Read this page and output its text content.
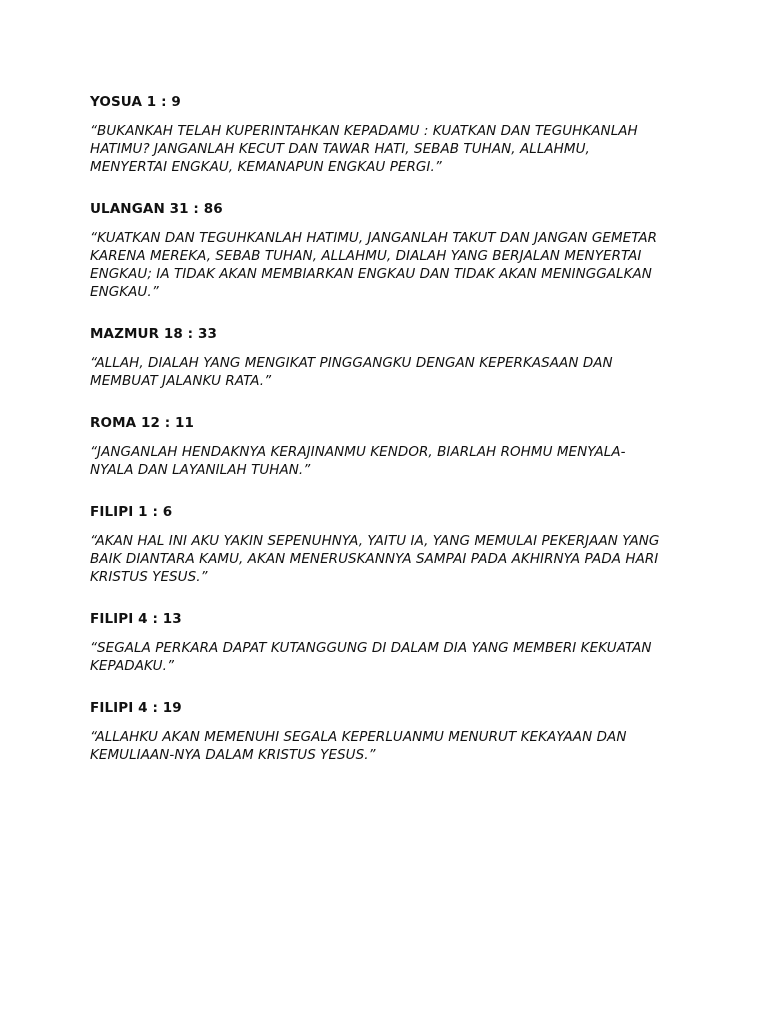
YOSUA 1 : 9

“BUKANKAH TELAH KUPERINTAHKAN KEPADAMU : KUATKAN DAN TEGUHKANLAH
HATIMU? JANGANLAH KECUT DAN TAWAR HATI, SEBAB TUHAN, ALLAHMU,
MENYERTAI ENGKAU, KEMANAPUN ENGKAU PERGI.”

ULANGAN 31 : 86

“KUATKAN DAN TEGUHKANLAH HATIMU, JANGANLAH TAKUT DAN JANGAN GEMETAR
KARENA MEREKA, SEBAB TUHAN, ALLAHMU, DIALAH YANG BERJALAN MENYERTAI
ENGKAU; IA TIDAK AKAN MEMBIARKAN ENGKAU DAN TIDAK AKAN MENINGGALKAN
ENGKAU.”

MAZMUR 18 : 33

“ALLAH, DIALAH YANG MENGIKAT PINGGANGKU DENGAN KEPERKASAAN DAN
MEMBUAT JALANKU RATA.”

ROMA 12 : 11

“JANGANLAH HENDAKNYA KERAJINANMU KENDOR, BIARLAH ROHMU MENYALA-
NYALA DAN LAYANILAH TUHAN.”

FILIPI 1 : 6

“AKAN HAL INI AKU YAKIN SEPENUHNYA, YAITU IA, YANG MEMULAI PEKERJAAN YANG
BAIK DIANTARA KAMU, AKAN MENERUSKANNYA SAMPAI PADA AKHIRNYA PADA HARI
KRISTUS YESUS.”

FILIPI 4 : 13

“SEGALA PERKARA DAPAT KUTANGGUNG DI DALAM DIA YANG MEMBERI KEKUATAN
KEPADAKU.”

FILIPI 4 : 19

“ALLAHKU AKAN MEMENUHI SEGALA KEPERLUANMU MENURUT KEKAYAAN DAN
KEMULIAAN-NYA DALAM KRISTUS YESUS.”
